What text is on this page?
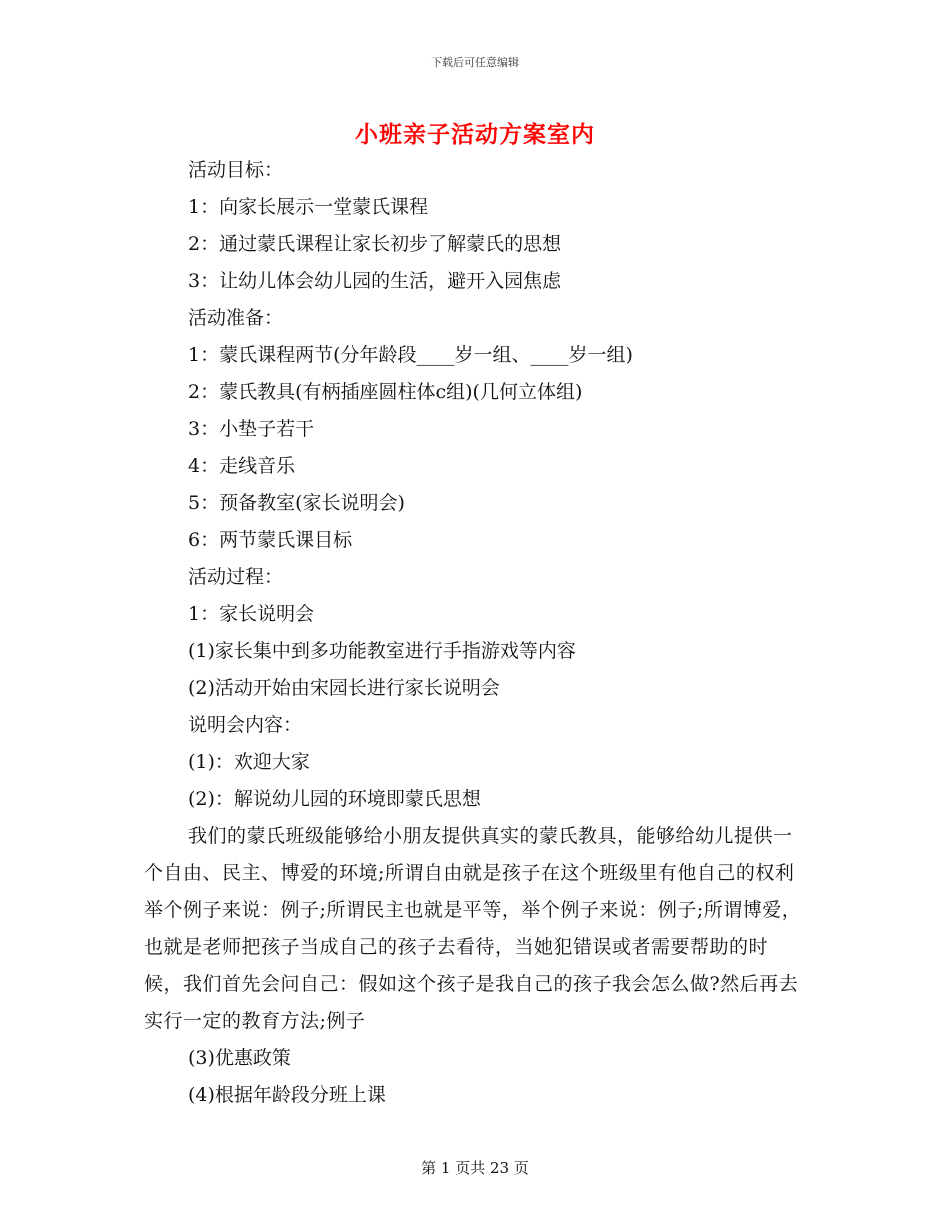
下载后可任意编辑
小班亲子活动方案室内
活动目标：
1：向家长展示一堂蒙氏课程
2：通过蒙氏课程让家长初步了解蒙氏的思想
3：让幼儿体会幼儿园的生活，避开入园焦虑
活动准备：
1：蒙氏课程两节(分年龄段____岁一组、____岁一组)
2：蒙氏教具(有柄插座圆柱体c组)(几何立体组)
3：小垫子若干
4：走线音乐
5：预备教室(家长说明会)
6：两节蒙氏课目标
活动过程：
1：家长说明会
(1)家长集中到多功能教室进行手指游戏等内容
(2)活动开始由宋园长进行家长说明会
说明会内容：
(1)：欢迎大家
(2)：解说幼儿园的环境即蒙氏思想

我们的蒙氏班级能够给小朋友提供真实的蒙氏教具，能够给幼儿提供一个自由、民主、博爱的环境;所谓自由就是孩子在这个班级里有他自己的权利举个例子来说：例子;所谓民主也就是平等，举个例子来说：例子;所谓博爱，也就是老师把孩子当成自己的孩子去看待，当她犯错误或者需要帮助的时候，我们首先会问自己：假如这个孩子是我自己的孩子我会怎么做?然后再去实行一定的教育方法;例子

(3)优惠政策
(4)根据年龄段分班上课
第 1 页共 23 页
